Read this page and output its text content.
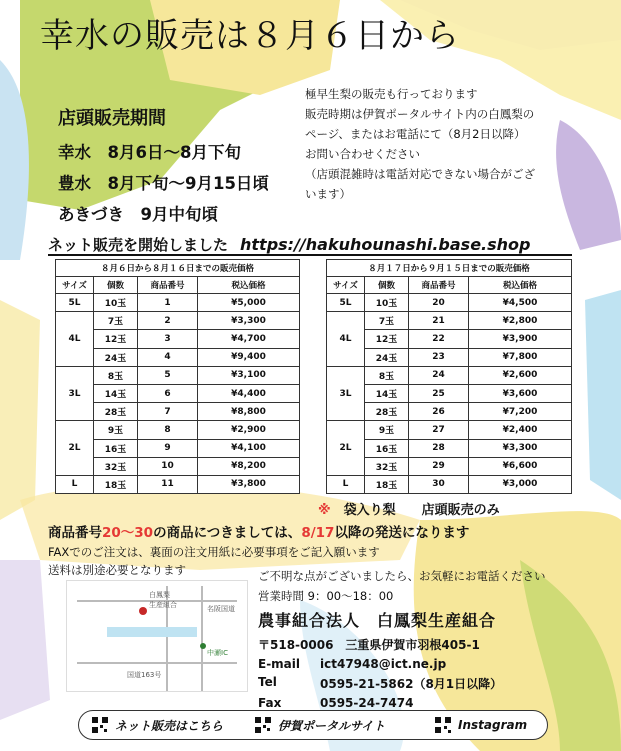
幸水の販売は８月６日から
店頭販売期間
幸水　 8月6日～8月下旬
豊水　 8月下旬～9月15日頃
あきづき　 9月中旬頃
極早生梨の販売も行っております
販売時期は伊賀ポータルサイト内の白鳳梨の
ページ、またはお電話にて（8月2日以降）
お問い合わせください
（店頭混雑時は電話対応できない場合がござ
います）
ネット販売を開始しました https://hakuhounashi.base.shop
８月６日から８月１６日までの販売価格			
サイズ	個数	商品番号	税込価格
5L	10玉	1	¥5,000
4L	7玉	2	¥3,300
	12玉	3	¥4,700
	24玉	4	¥9,400
3L	8玉	5	¥3,100
	14玉	6	¥4,400
	28玉	7	¥8,800
2L	9玉	8	¥2,900
	16玉	9	¥4,100
	32玉	10	¥8,200
L	18玉	11	¥3,800
８月１７日から９月１５日までの販売価格			
サイズ	個数	商品番号	税込価格
5L	10玉	20	¥4,500
4L	7玉	21	¥2,800
	12玉	22	¥3,900
	24玉	23	¥7,800
3L	8玉	24	¥2,600
	14玉	25	¥3,600
	28玉	26	¥7,200
2L	9玉	27	¥2,400
	16玉	28	¥3,300
	32玉	29	¥6,600
L	18玉	30	¥3,000
※　 袋入り梨　　店頭販売のみ
商品番号20～30の商品につきましては、8/17以降の発送になります
FAXでのご注文は、裏面の注文用紙に必要事項をご記入願います
送料は別途必要となります
白鳳梨
生産組合
国道163号
名阪国道
中瀬IC
ご不明な点がございましたら、お気軽にお電話ください
営業時間 9：00～18：00
農事組合法人　白鳳梨生産組合
〒518-0006　三重県伊賀市羽根405-1
E-mail	ict47948@ict.ne.jp
Tel	0595-21-5862（8月1日以降）
Fax	0595-24-7474
ネット販売はこちら	伊賀ポータルサイト	Instagram
